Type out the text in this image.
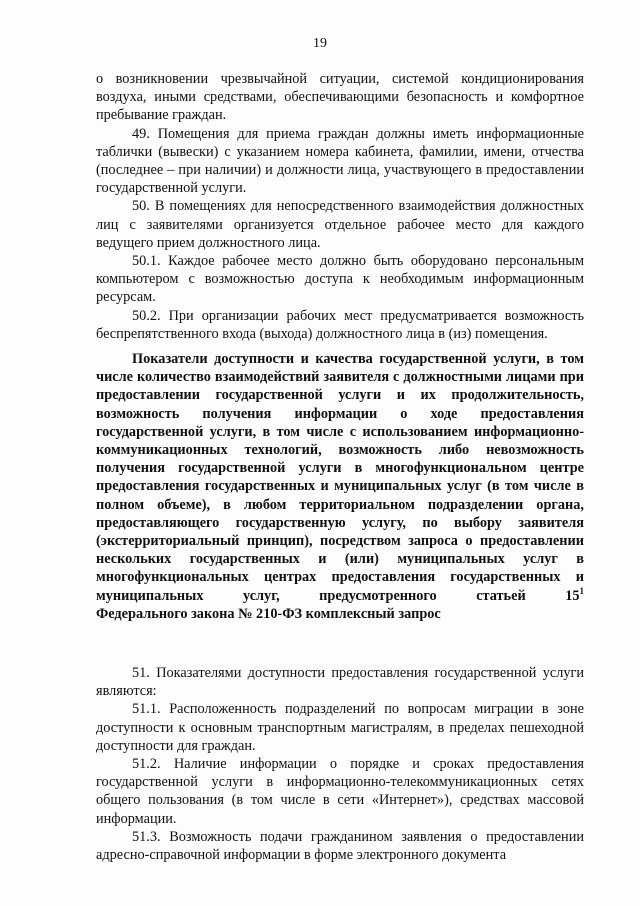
19

о возникновении чрезвычайной ситуации, системой кондиционирования воздуха, иными средствами, обеспечивающими безопасность и комфортное пребывание граждан.

49. Помещения для приема граждан должны иметь информационные таблички (вывески) с указанием номера кабинета, фамилии, имени, отчества (последнее – при наличии) и должности лица, участвующего в предоставлении государственной услуги.

50. В помещениях для непосредственного взаимодействия должностных лиц с заявителями организуется отдельное рабочее место для каждого ведущего прием должностного лица.

50.1. Каждое рабочее место должно быть оборудовано персональным компьютером с возможностью доступа к необходимым информационным ресурсам.

50.2. При организации рабочих мест предусматривается возможность беспрепятственного входа (выхода) должностного лица в (из) помещения.

Показатели доступности и качества государственной услуги, в том числе количество взаимодействий заявителя с должностными лицами при предоставлении государственной услуги и их продолжительность, возможность получения информации о ходе предоставления государственной услуги, в том числе с использованием информационно-коммуникационных технологий, возможность либо невозможность получения государственной услуги в многофункциональном центре предоставления государственных и муниципальных услуг (в том числе в полном объеме), в любом территориальном подразделении органа, предоставляющего государственную услугу, по выбору заявителя (экстерриториальный принцип), посредством запроса о предоставлении нескольких государственных и (или) муниципальных услуг в многофункциональных центрах предоставления государственных и муниципальных услуг, предусмотренного статьей $15^1$

Федерального закона № 210-ФЗ комплексный запрос

51. Показателями доступности предоставления государственной услуги являются:

51.1. Расположенность подразделений по вопросам миграции в зоне доступности к основным транспортным магистралям, в пределах пешеходной доступности для граждан.

51.2. Наличие информации о порядке и сроках предоставления государственной услуги в информационно-телекоммуникационных сетях общего пользования (в том числе в сети «Интернет»), средствах массовой информации.

51.3. Возможность подачи гражданином заявления о предоставлении адресно-справочной информации в форме электронного документа
